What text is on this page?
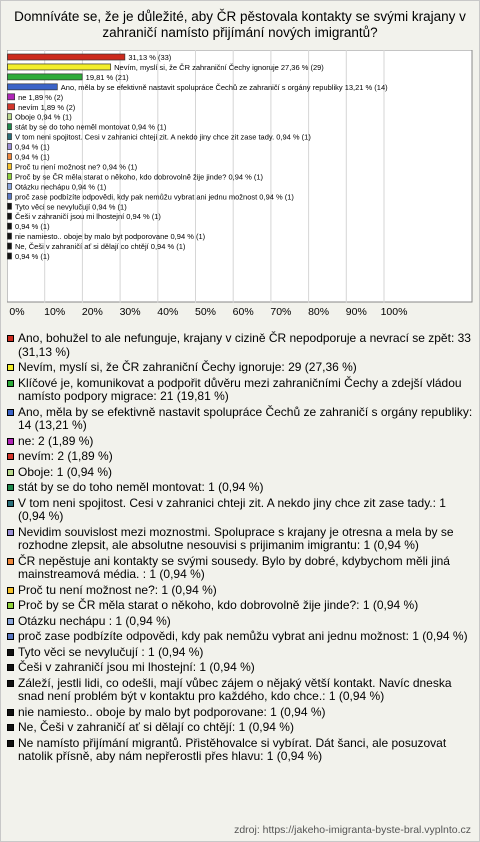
Domníváte se, že je důležité, aby ČR pěstovala kontakty se svými krajany v zahraničí namísto přijímání nových imigrantů?
31,13 % (33)
Nevím, myslí si, že ČR zahraniční Čechy ignoruje 27,36 % (29)
19,81 % (21)
Ano, měla by se efektivně nastavit spolupráce Čechů ze zahraničí s orgány republiky 13,21 % (14)
ne 1,89 % (2)
nevím 1,89 % (2)
Oboje 0,94 % (1)
stát by se do toho neměl montovat 0,94 % (1)
V tom neni spojitost. Cesi v zahranici chteji zit. A nekdo jiny chce zit zase tady. 0,94 % (1)
0,94 % (1)
0,94 % (1)
Proč tu není možnost ne? 0,94 % (1)
Proč by se ČR měla starat o někoho, kdo dobrovolně žije jinde? 0,94 % (1)
Otázku nechápu 0,94 % (1)
proč zase podbízíte odpovědi, kdy pak nemůžu vybrat ani jednu možnost 0,94 % (1)
Tyto věci se nevylučují 0,94 % (1)
Češi v zahraničí jsou mi lhostejní 0,94 % (1)
0,94 % (1)
nie namiesto.. oboje by malo byt podporovane 0,94 % (1)
Ne, Češi v zahraničí ať si dělají co chtějí 0,94 % (1)
0,94 % (1)
0% 10% 20% 30% 40% 50% 60% 70% 80% 90% 100%
Ano, bohužel to ale nefunguje, krajany v cizině ČR nepodporuje a nevrací se zpět: 33 (31,13 %)
Nevím, myslí si, že ČR zahraniční Čechy ignoruje: 29 (27,36 %)
Klíčové je, komunikovat a podpořit důvěru mezi zahraničními Čechy a zdejší vládou namísto podpory migrace: 21 (19,81 %)
Ano, měla by se efektivně nastavit spolupráce Čechů ze zahraničí s orgány republiky: 14 (13,21 %)
ne: 2 (1,89 %)
nevím: 2 (1,89 %)
Oboje: 1 (0,94 %)
stát by se do toho neměl montovat: 1 (0,94 %)
V tom neni spojitost. Cesi v zahranici chteji zit. A nekdo jiny chce zit zase tady.: 1 (0,94 %)
Nevidim souvislost mezi moznostmi. Spoluprace s krajany je otresna a mela by se rozhodne zlepsit, ale absolutne nesouvisi s prijimanim imigrantu: 1 (0,94 %)
ČR nepěstuje ani kontakty se svými sousedy. Bylo by dobré, kdybychom měli jiná mainstreamová média. : 1 (0,94 %)
Proč tu není možnost ne?: 1 (0,94 %)
Proč by se ČR měla starat o někoho, kdo dobrovolně žije jinde?: 1 (0,94 %)
Otázku nechápu : 1 (0,94 %)
proč zase podbízíte odpovědi, kdy pak nemůžu vybrat ani jednu možnost: 1 (0,94 %)
Tyto věci se nevylučují : 1 (0,94 %)
Češi v zahraničí jsou mi lhostejní: 1 (0,94 %)
Záleží, jestli lidi, co odešli, mají vůbec zájem o nějaký větší kontakt. Navíc dneska snad není problém být v kontaktu pro každého, kdo chce.: 1 (0,94 %)
nie namiesto.. oboje by malo byt podporovane: 1 (0,94 %)
Ne, Češi v zahraničí ať si dělají co chtějí: 1 (0,94 %)
Ne namísto přijímání migrantů. Přistěhovalce si vybírat. Dát šanci, ale posuzovat natolik přísně, aby nám nepřerostli přes hlavu: 1 (0,94 %)
zdroj: https://jakeho-imigranta-byste-bral.vyplnto.cz
